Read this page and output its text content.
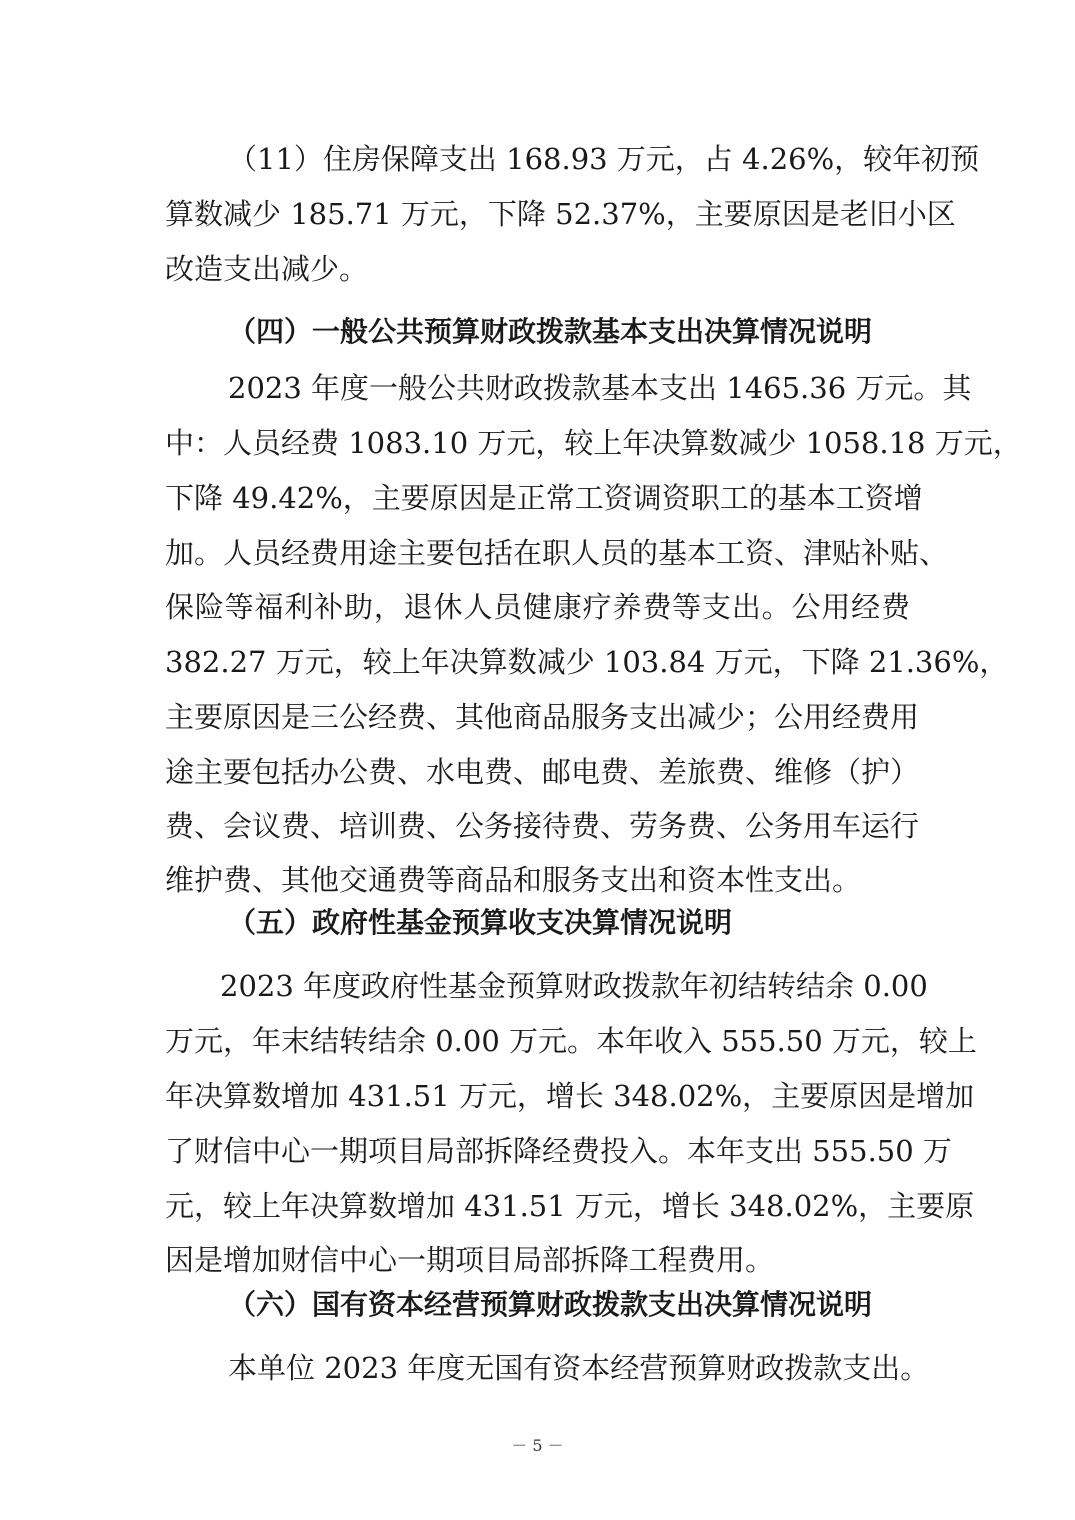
（11）住房保障支出 168.93 万元，占 4.26%，较年初预
算数减少 185.71 万元，下降 52.37%，主要原因是老旧小区
改造支出减少。
（四）一般公共预算财政拨款基本支出决算情况说明
2023 年度一般公共财政拨款基本支出 1465.36 万元。其
中：人员经费 1083.10 万元，较上年决算数减少 1058.18 万元，
下降 49.42%，主要原因是正常工资调资职工的基本工资增
加。人员经费用途主要包括在职人员的基本工资、津贴补贴、
保险等福利补助，退休人员健康疗养费等支出。公用经费
382.27 万元，较上年决算数减少 103.84 万元，下降 21.36%，
主要原因是三公经费、其他商品服务支出减少；公用经费用
途主要包括办公费、水电费、邮电费、差旅费、维修（护）
费、会议费、培训费、公务接待费、劳务费、公务用车运行
维护费、其他交通费等商品和服务支出和资本性支出。
（五）政府性基金预算收支决算情况说明
2023 年度政府性基金预算财政拨款年初结转结余 0.00
万元，年末结转结余 0.00 万元。本年收入 555.50 万元，较上
年决算数增加 431.51 万元，增长 348.02%，主要原因是增加
了财信中心一期项目局部拆降经费投入。本年支出 555.50 万
元，较上年决算数增加 431.51 万元，增长 348.02%，主要原
因是增加财信中心一期项目局部拆降工程费用。
（六）国有资本经营预算财政拨款支出决算情况说明
本单位 2023 年度无国有资本经营预算财政拨款支出。
－ 5 －
